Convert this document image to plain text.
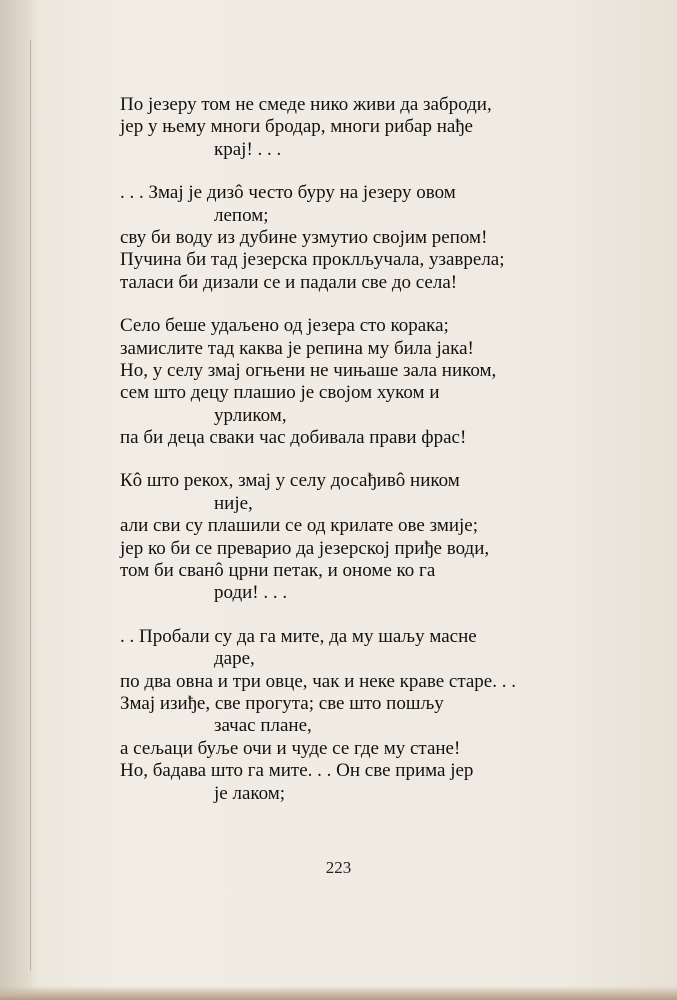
По језеру том не смеде нико живи да заброди,
јер у њему многи бродар, многи рибар нађе
крај! . . .
. . . Змај је дизô често буру на језеру овом
лепом;
сву би воду из дубине узмутио својим репом!
Пучина би тад језерска проклључала, узаврела;
таласи би дизали се и падали све до села!
Село беше удаљено од језера сто корака;
замислите тад каква је репина му била јака!
Но, у селу змај огњени не чињаше зала ником,
сем што децу плашио је својом хуком и
урликом,
па би деца сваки час добивала прави фрас!
Кô што рекох, змај у селу досађивô ником
није,
али сви су плашили се од крилате ове змије;
јер ко би се преварио да језерској приђе води,
том би сванô црни петак, и ономе ко га
роди! . . .
. . Пробали су да га мите, да му шаљу масне
даре,
по два овна и три овце, чак и неке краве старе. . .
Змај изиђе, све прогута; све што пошљу
зачас плане,
а сељаци буље очи и чуде се где му стане!
Но, бадава што га мите. . . Он све прима јер
је лаком;
223
